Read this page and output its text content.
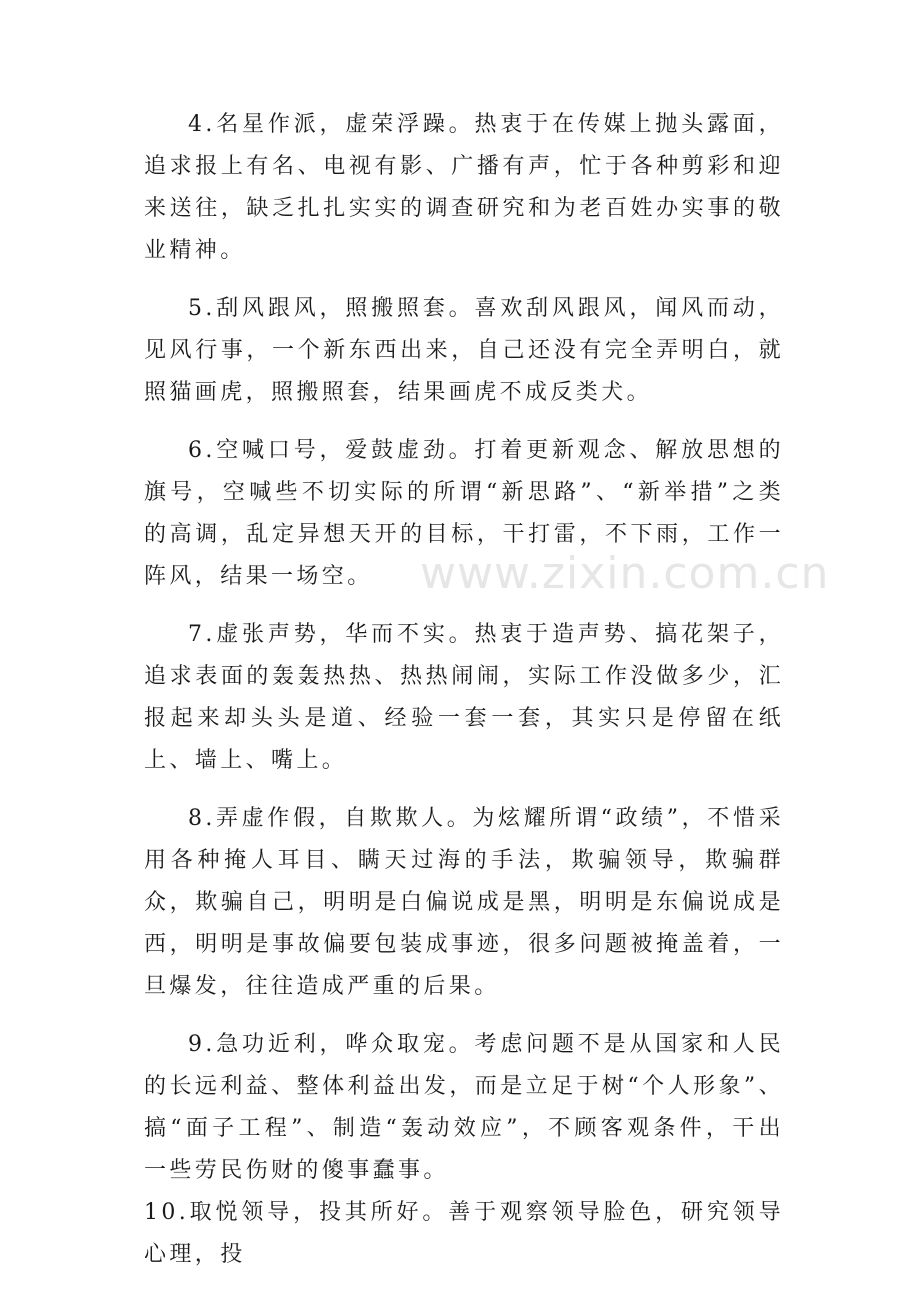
www.zixin.com.cn

4.名星作派，虚荣浮躁。热衷于在传媒上抛头露面，追求报上有名、电视有影、广播有声，忙于各种剪彩和迎来送往，缺乏扎扎实实的调查研究和为老百姓办实事的敬业精神。

5.刮风跟风，照搬照套。喜欢刮风跟风，闻风而动，见风行事，一个新东西出来，自己还没有完全弄明白，就照猫画虎，照搬照套，结果画虎不成反类犬。

6.空喊口号，爱鼓虚劲。打着更新观念、解放思想的旗号，空喊些不切实际的所谓“新思路”、“新举措”之类的高调，乱定异想天开的目标，干打雷，不下雨，工作一阵风，结果一场空。

7.虚张声势，华而不实。热衷于造声势、搞花架子，追求表面的轰轰热热、热热闹闹，实际工作没做多少，汇报起来却头头是道、经验一套一套，其实只是停留在纸上、墙上、嘴上。

8.弄虚作假，自欺欺人。为炫耀所谓“政绩”，不惜采用各种掩人耳目、瞒天过海的手法，欺骗领导，欺骗群众，欺骗自己，明明是白偏说成是黑，明明是东偏说成是西，明明是事故偏要包装成事迹，很多问题被掩盖着，一旦爆发，往往造成严重的后果。

9.急功近利，哗众取宠。考虑问题不是从国家和人民的长远利益、整体利益出发，而是立足于树“个人形象”、搞“面子工程”、制造“轰动效应”，不顾客观条件，干出一些劳民伤财的傻事蠢事。

10.取悦领导，投其所好。善于观察领导脸色，研究领导心理，投
